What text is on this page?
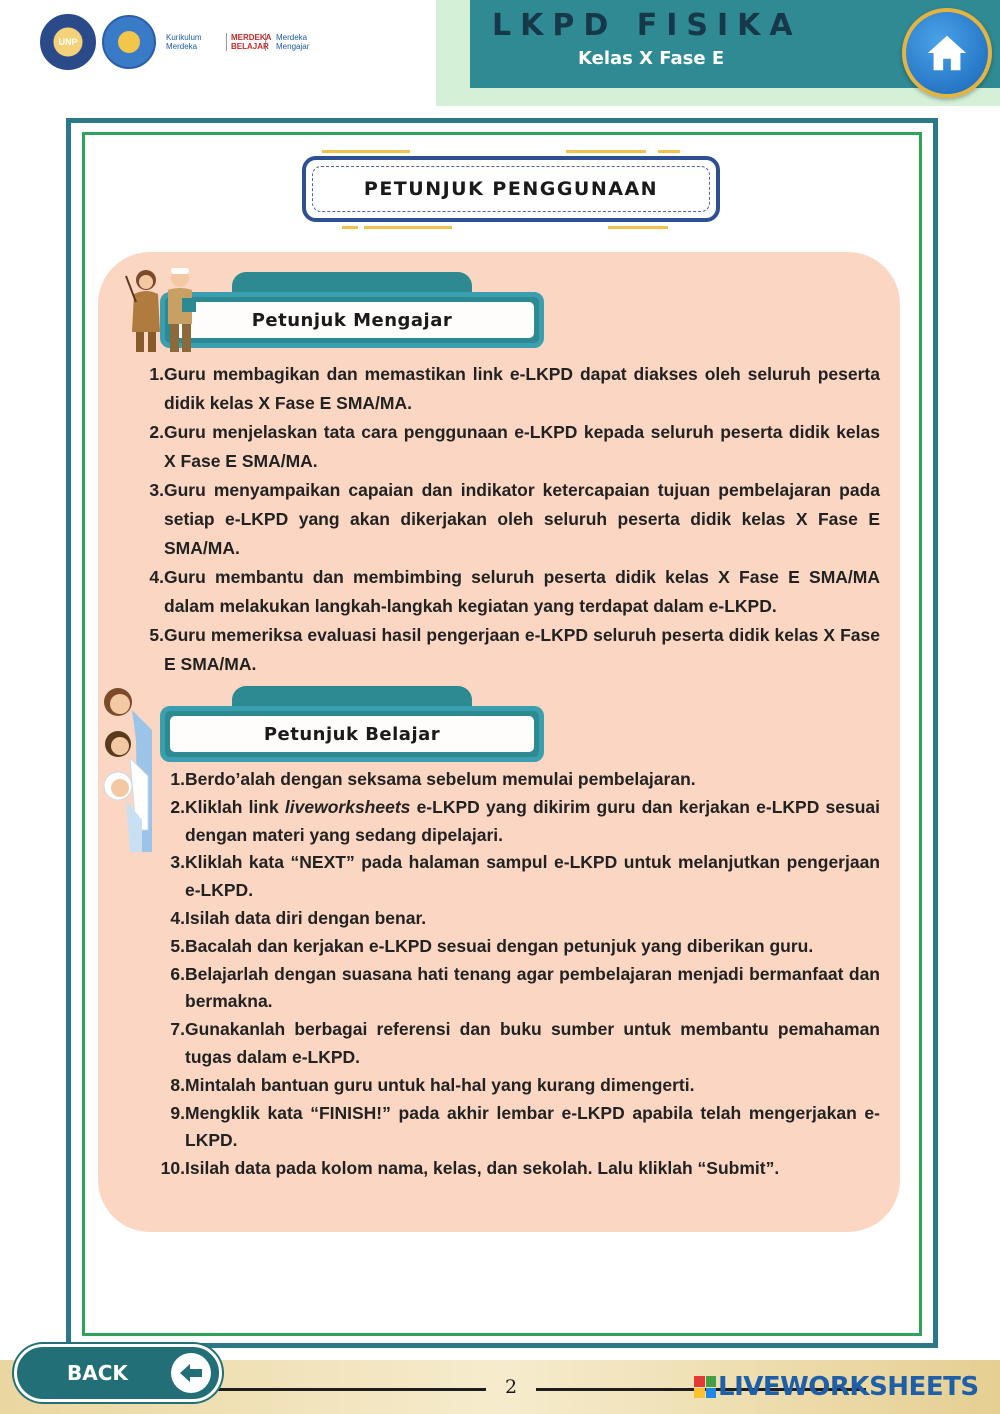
UNP	Kurikulum Merdeka
MERDEKA BELAJAR
Merdeka Mengajar
LKPD FISIKA
Kelas X Fase E
PETUNJUK PENGGUNAAN
Petunjuk Mengajar
1. Guru membagikan dan memastikan link e-LKPD dapat diakses oleh seluruh peserta didik kelas X Fase E SMA/MA.
2. Guru menjelaskan tata cara penggunaan e-LKPD kepada seluruh peserta didik kelas X Fase E SMA/MA.
3. Guru menyampaikan capaian dan indikator ketercapaian tujuan pembelajaran pada setiap e-LKPD yang akan dikerjakan oleh seluruh peserta didik kelas X Fase E SMA/MA.
4. Guru membantu dan membimbing seluruh peserta didik kelas X Fase E SMA/MA dalam melakukan langkah-langkah kegiatan yang terdapat dalam e-LKPD.
5. Guru memeriksa evaluasi hasil pengerjaan e-LKPD seluruh peserta didik kelas X Fase E SMA/MA.
Petunjuk Belajar
1. Berdo’alah dengan seksama sebelum memulai pembelajaran.
2. Kliklah link liveworksheets e-LKPD yang dikirim guru dan kerjakan e-LKPD sesuai dengan materi yang sedang dipelajari.
3. Kliklah kata “NEXT” pada halaman sampul e-LKPD untuk melanjutkan pengerjaan e-LKPD.
4. Isilah data diri dengan benar.
5. Bacalah dan kerjakan e-LKPD sesuai dengan petunjuk yang diberikan guru.
6. Belajarlah dengan suasana hati tenang agar pembelajaran menjadi bermanfaat dan bermakna.
7. Gunakanlah berbagai referensi dan buku sumber untuk membantu pemahaman tugas dalam e-LKPD.
8. Mintalah bantuan guru untuk hal-hal yang kurang dimengerti.
9. Mengklik kata “FINISH!” pada akhir lembar e-LKPD apabila telah mengerjakan e-LKPD.
10. Isilah data pada kolom nama, kelas, dan sekolah. Lalu kliklah “Submit”.
2
BACK	LIVEWORKSHEETS
